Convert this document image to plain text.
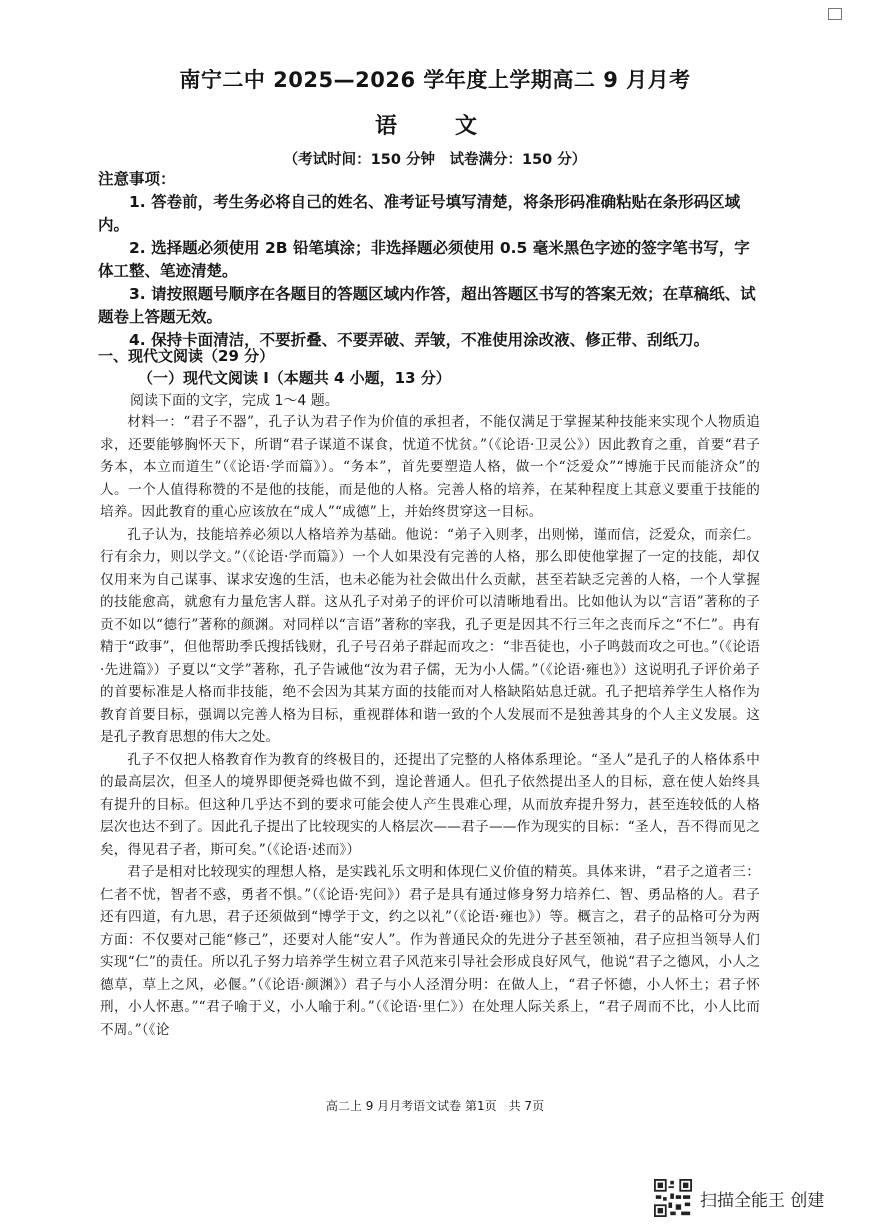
南宁二中 2025—2026 学年度上学期高二 9 月月考
语　文
（考试时间：150 分钟　试卷满分：150 分）

注意事项：

1. 答卷前，考生务必将自己的姓名、准考证号填写清楚，将条形码准确粘贴在条形码区域内。

2. 选择题必须使用 2B 铅笔填涂；非选择题必须使用 0.5 毫米黑色字迹的签字笔书写，字体工整、笔迹清楚。

3. 请按照题号顺序在各题目的答题区域内作答，超出答题区书写的答案无效；在草稿纸、试题卷上答题无效。

4. 保持卡面清洁，不要折叠、不要弄破、弄皱，不准使用涂改液、修正带、刮纸刀。

一、现代文阅读（29 分）
（一）现代文阅读 I（本题共 4 小题，13 分）
阅读下面的文字，完成 1～4 题。

材料一：“君子不器”，孔子认为君子作为价值的承担者，不能仅满足于掌握某种技能来实现个人物质追求，还要能够胸怀天下，所谓“君子谋道不谋食，忧道不忧贫。”（《论语·卫灵公》）因此教育之重，首要“君子务本，本立而道生”（《论语·学而篇》）。“务本”，首先要塑造人格，做一个“泛爱众”“博施于民而能济众”的人。一个人值得称赞的不是他的技能，而是他的人格。完善人格的培养，在某种程度上其意义要重于技能的培养。因此教育的重心应该放在“成人”“成德”上，并始终贯穿这一目标。

孔子认为，技能培养必须以人格培养为基础。他说：“弟子入则孝，出则悌，谨而信，泛爱众，而亲仁。行有余力，则以学文。”（《论语·学而篇》）一个人如果没有完善的人格，那么即使他掌握了一定的技能，却仅仅用来为自己谋事、谋求安逸的生活，也未必能为社会做出什么贡献，甚至若缺乏完善的人格，一个人掌握的技能愈高，就愈有力量危害人群。这从孔子对弟子的评价可以清晰地看出。比如他认为以“言语”著称的子贡不如以“德行”著称的颜渊。对同样以“言语”著称的宰我，孔子更是因其不行三年之丧而斥之“不仁”。冉有精于“政事”，但他帮助季氏搜括钱财，孔子号召弟子群起而攻之：“非吾徒也，小子鸣鼓而攻之可也。”（《论语·先进篇》）子夏以“文学”著称，孔子告诫他“汝为君子儒，无为小人儒。”（《论语·雍也》）这说明孔子评价弟子的首要标准是人格而非技能，绝不会因为其某方面的技能而对人格缺陷姑息迁就。孔子把培养学生人格作为教育首要目标，强调以完善人格为目标，重视群体和谐一致的个人发展而不是独善其身的个人主义发展。这是孔子教育思想的伟大之处。

孔子不仅把人格教育作为教育的终极目的，还提出了完整的人格体系理论。“圣人”是孔子的人格体系中的最高层次，但圣人的境界即便尧舜也做不到，遑论普通人。但孔子依然提出圣人的目标，意在使人始终具有提升的目标。但这种几乎达不到的要求可能会使人产生畏难心理，从而放弃提升努力，甚至连较低的人格层次也达不到了。因此孔子提出了比较现实的人格层次——君子——作为现实的目标：“圣人，吾不得而见之矣，得见君子者，斯可矣。”（《论语·述而》）

君子是相对比较现实的理想人格，是实践礼乐文明和体现仁义价值的精英。具体来讲，“君子之道者三：仁者不忧，智者不惑，勇者不惧。”（《论语·宪问》）君子是具有通过修身努力培养仁、智、勇品格的人。君子还有四道，有九思，君子还须做到“博学于文，约之以礼”（《论语·雍也》）等。概言之，君子的品格可分为两方面：不仅要对己能“修己”，还要对人能“安人”。作为普通民众的先进分子甚至领袖，君子应担当领导人们实现“仁”的责任。所以孔子努力培养学生树立君子风范来引导社会形成良好风气，他说“君子之德风，小人之德草，草上之风，必偃。”（《论语·颜渊》）君子与小人泾渭分明：在做人上，“君子怀德，小人怀土；君子怀刑，小人怀惠。”“君子喻于义，小人喻于利。”（《论语·里仁》）在处理人际关系上，“君子周而不比，小人比而不周。”（《论

高二上 9 月月考语文试卷 第1页　共 7页
扫描全能王 创建
